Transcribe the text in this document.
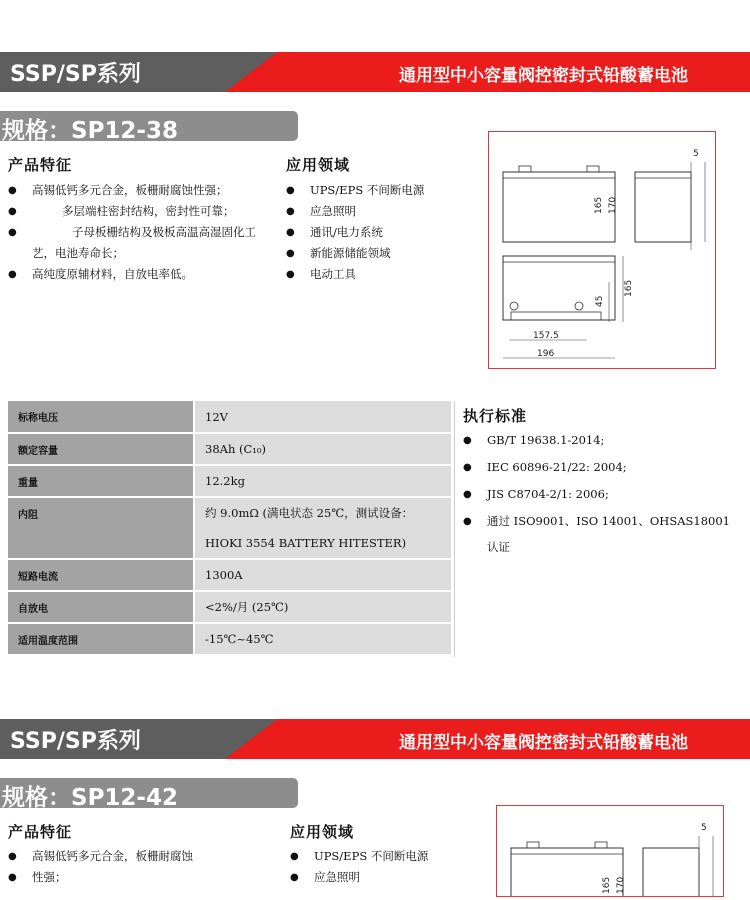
SSP/SP系列	通用型中小容量阀控密封式铅酸蓄电池
规格：SP12-38
产品特征
● 高锡低钙多元合金，板栅耐腐蚀性强；
● 多层端柱密封结构，密封性可靠；
● 子母板栅结构及极板高温高湿固化工艺，电池寿命长；
● 高纯度原辅材料，自放电率低。
应用领域
● UPS/EPS 不间断电源
● 应急照明
● 通讯/电力系统
● 新能源储能领域
● 电动工具
5
165 170
45
165
157.5
196
标称电压	12V
额定容量	38Ah (C₁₀)
重量	12.2kg
内阻	约 9.0mΩ (满电状态 25℃，测试设备：
HIOKI 3554 BATTERY HITESTER)

短路电流	1300A
自放电	<2%/月 (25℃)
适用温度范围	-15℃~45℃
执行标准
● GB/T 19638.1-2014;
● IEC 60896-21/22: 2004;
● JIS C8704-2/1: 2006;
● 通过 ISO9001、ISO 14001、OHSAS18001
认证
SSP/SP系列	通用型中小容量阀控密封式铅酸蓄电池
规格：SP12-42
产品特征
● 高锡低钙多元合金，板栅耐腐蚀
● 性强；
应用领域
● UPS/EPS 不间断电源
● 应急照明
5
165 170
